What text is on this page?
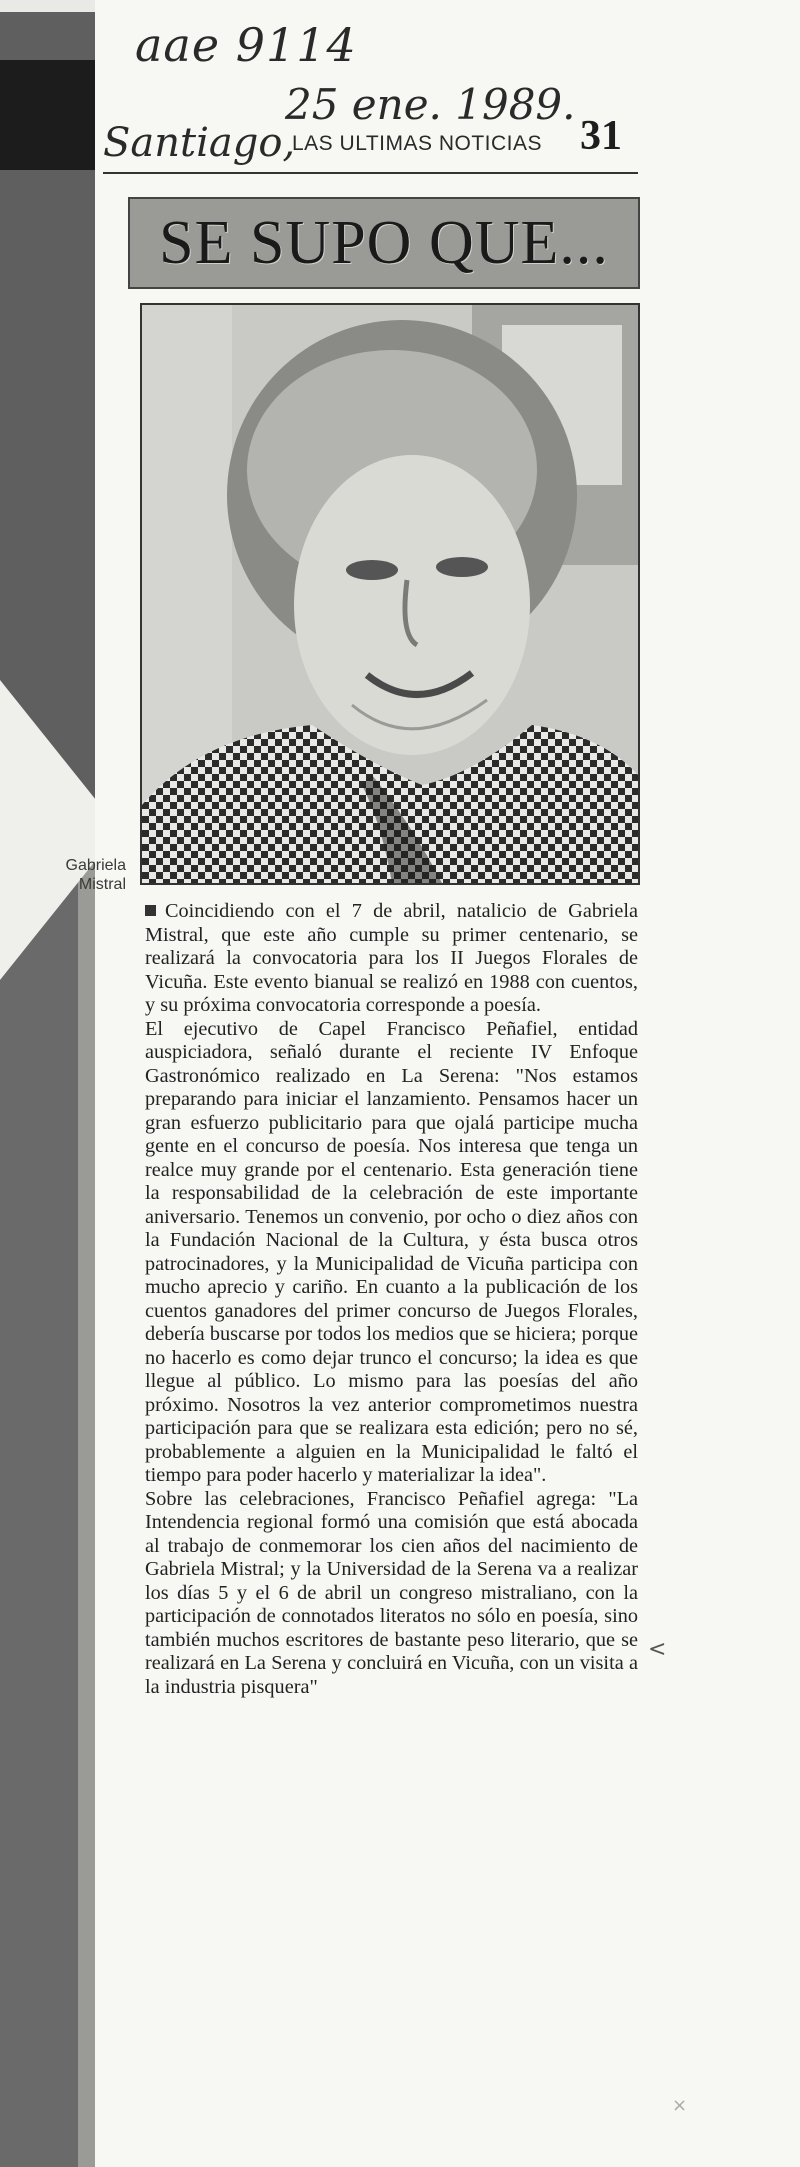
aae 9114
25 ene. 1989.
Santiago,
LAS ULTIMAS NOTICIAS 31
SE SUPO QUE...
Gabriela
Mistral

Coincidiendo con el 7 de abril, natalicio de Gabriela Mistral, que este año cumple su primer centenario, se realizará la convocatoria para los II Juegos Florales de Vicuña. Este evento bianual se realizó en 1988 con cuentos, y su próxima convocatoria corresponde a poesía.

El ejecutivo de Capel Francisco Peñafiel, entidad auspiciadora, señaló durante el reciente IV Enfoque Gastronómico realizado en La Serena: "Nos estamos preparando para iniciar el lanzamiento. Pensamos hacer un gran esfuerzo publicitario para que ojalá participe mucha gente en el concurso de poesía. Nos interesa que tenga un realce muy grande por el centenario. Esta generación tiene la responsabilidad de la celebración de este importante aniversario. Tenemos un convenio, por ocho o diez años con la Fundación Nacional de la Cultura, y ésta busca otros patrocinadores, y la Municipalidad de Vicuña participa con mucho aprecio y cariño. En cuanto a la publicación de los cuentos ganadores del primer concurso de Juegos Florales, debería buscarse por todos los medios que se hiciera; porque no hacerlo es como dejar trunco el concurso; la idea es que llegue al público. Lo mismo para las poesías del año próximo. Nosotros la vez anterior comprometimos nuestra participación para que se realizara esta edición; pero no sé, probablemente a alguien en la Municipalidad le faltó el tiempo para poder hacerlo y materializar la idea".

Sobre las celebraciones, Francisco Peñafiel agrega: "La Intendencia regional formó una comisión que está abocada al trabajo de conmemorar los cien años del nacimiento de Gabriela Mistral; y la Universidad de la Serena va a realizar los días 5 y el 6 de abril un congreso mistraliano, con la participación de connotados literatos no sólo en poesía, sino también muchos escritores de bastante peso literario, que se realizará en La Serena y concluirá en Vicuña, con un visita a la industria pisquera"

<
×
